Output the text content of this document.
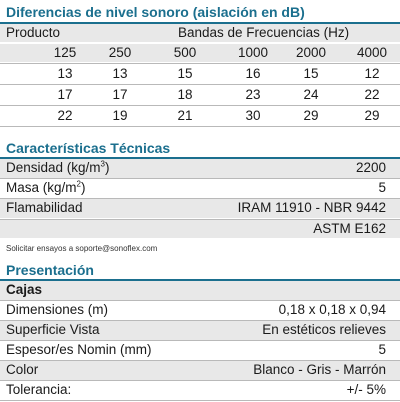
Diferencias de nivel sonoro (aislación en dB)
Producto	Bandas de Frecuencias (Hz)
125	250	500	1000	2000	4000
13	13	15	16	15	12
17	17	18	23	24	22
22	19	21	30	29	29
Características Técnicas
Densidad $(kg/m^3)$	2200
Masa $(kg/m^2)$	5
Flamabilidad	IRAM 11910 - NBR 9442
ASTM E162
Solicitar ensayos a soporte@sonoflex.com
Presentación
Cajas
Dimensiones (m)	0,18 x 0,18 x 0,94
Superficie Vista	En estéticos relieves
Espesor/es Nomin (mm)	5
Color	Blanco - Gris - Marrón
Tolerancia:	+/- 5%
